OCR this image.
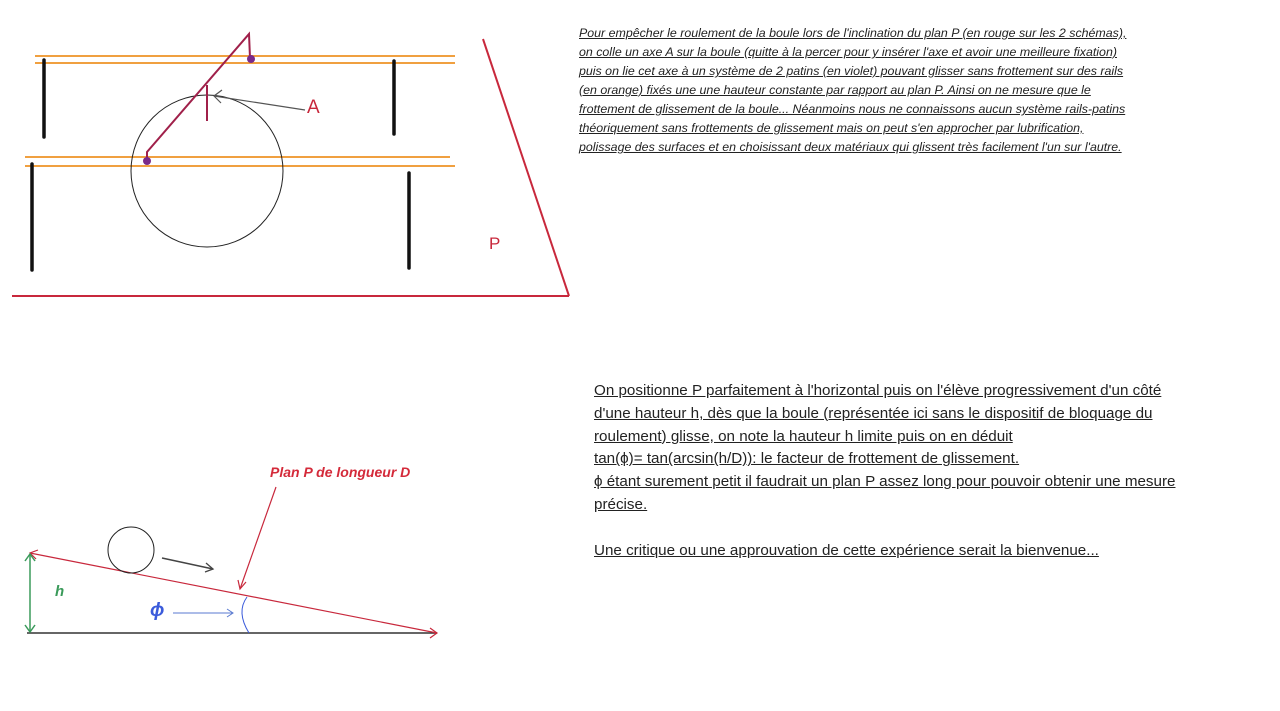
A
P
h
Plan P de longueur D
ϕ
Pour empêcher le roulement de la boule lors de l'inclination du plan P (en rouge sur les 2 schémas),
on colle un axe A sur la boule (quitte à la percer pour y insérer l'axe et avoir une meilleure fixation)
puis on lie cet axe à un système de 2 patins (en violet) pouvant glisser sans frottement sur des rails
(en orange) fixés une une hauteur constante par rapport au plan P. Ainsi on ne mesure que le
frottement de glissement de la boule... Néanmoins nous ne connaissons aucun système rails-patins
théoriquement sans frottements de glissement mais on peut s'en approcher par lubrification,
polissage des surfaces et en choisissant deux matériaux qui glissent très facilement l'un sur l'autre.
On positionne P parfaitement à l'horizontal puis on l'élève progressivement d'un côté
d'une hauteur h, dès que la boule (représentée ici sans le dispositif de bloquage du
roulement) glisse, on note la hauteur h limite puis on en déduit
tan(ϕ)= tan(arcsin(h/D)): le facteur de frottement de glissement.
ϕ étant surement petit il faudrait un plan P assez long pour pouvoir obtenir une mesure
précise.
Une critique ou une approuvation de cette expérience serait la bienvenue...
